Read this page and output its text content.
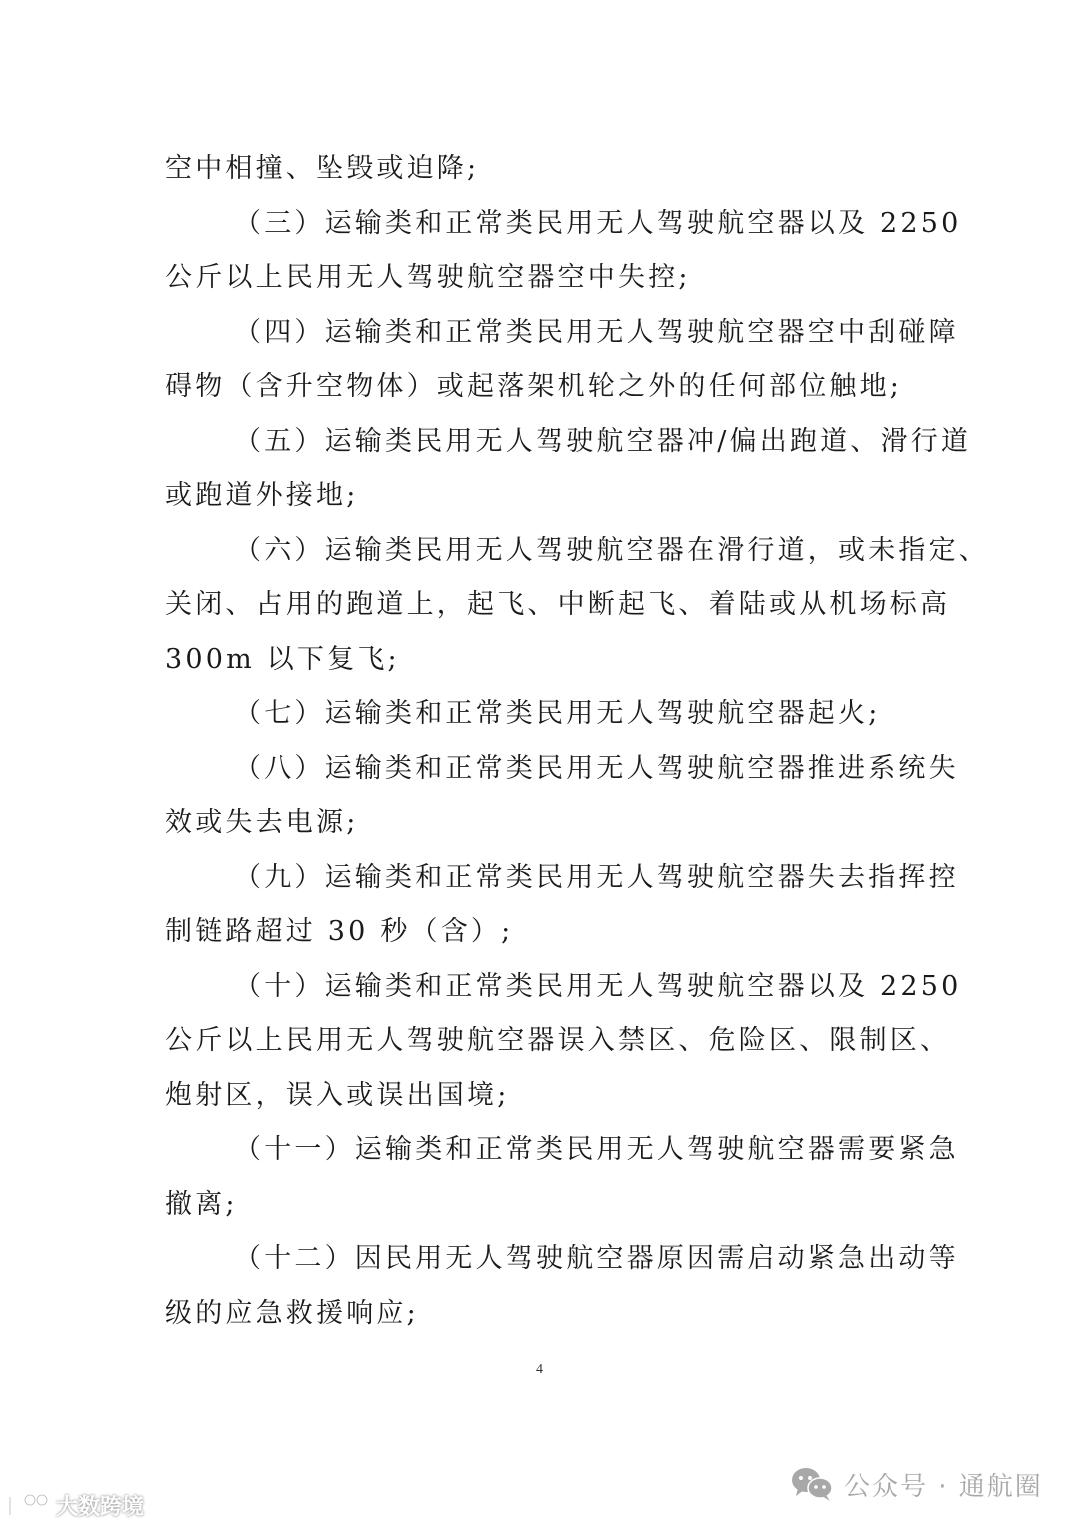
空中相撞、坠毁或迫降;
（三）运输类和正常类民用无人驾驶航空器以及 2250
公斤以上民用无人驾驶航空器空中失控;
（四）运输类和正常类民用无人驾驶航空器空中刮碰障
碍物（含升空物体）或起落架机轮之外的任何部位触地;
（五）运输类民用无人驾驶航空器冲/偏出跑道、滑行道
或跑道外接地;
（六）运输类民用无人驾驶航空器在滑行道，或未指定、
关闭、占用的跑道上，起飞、中断起飞、着陆或从机场标高
300m 以下复飞;
（七）运输类和正常类民用无人驾驶航空器起火;
（八）运输类和正常类民用无人驾驶航空器推进系统失
效或失去电源;
（九）运输类和正常类民用无人驾驶航空器失去指挥控
制链路超过 30 秒（含）;
（十）运输类和正常类民用无人驾驶航空器以及 2250
公斤以上民用无人驾驶航空器误入禁区、危险区、限制区、
炮射区，误入或误出国境;
（十一）运输类和正常类民用无人驾驶航空器需要紧急
撤离;
（十二）因民用无人驾驶航空器原因需启动紧急出动等
级的应急救援响应;
4
公众号 · 通航圈
大数跨境
